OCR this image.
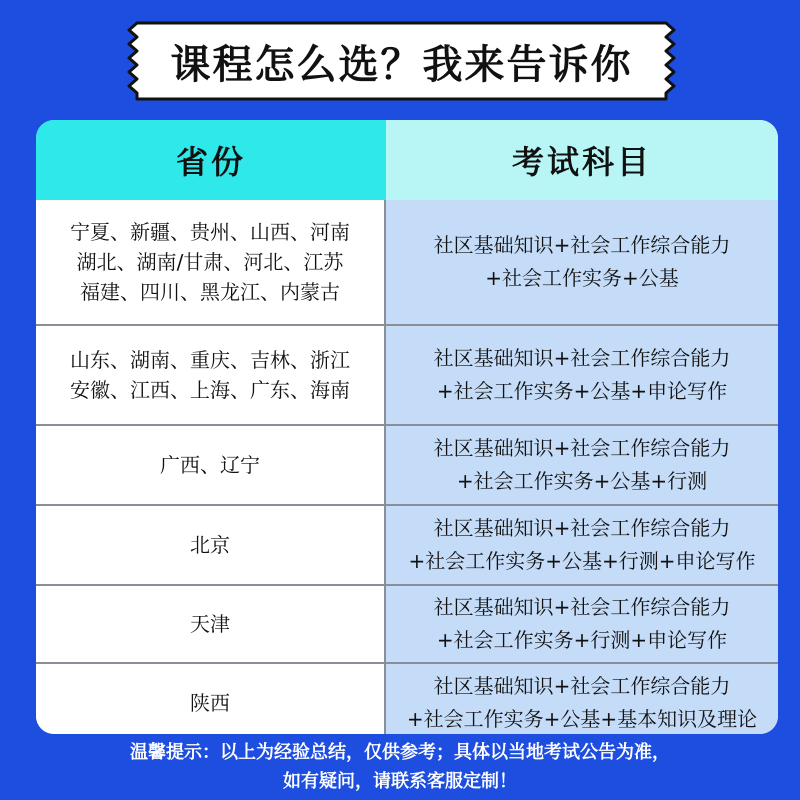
课程怎么选？我来告诉你
省份	考试科目
宁夏、新疆、贵州、山西、河南
湖北、湖南/甘肃、河北、江苏
福建、四川、黑龙江、内蒙古
社区基础知识+社会工作综合能力
+社会工作实务+公基
山东、湖南、重庆、吉林、浙江
安徽、江西、上海、广东、海南
社区基础知识+社会工作综合能力
+社会工作实务+公基+申论写作
广西、辽宁
社区基础知识+社会工作综合能力
+社会工作实务+公基+行测
北京
社区基础知识+社会工作综合能力
+社会工作实务+公基+行测+申论写作
天津
社区基础知识+社会工作综合能力
+社会工作实务+行测+申论写作
陕西
社区基础知识+社会工作综合能力
+社会工作实务+公基+基本知识及理论
温馨提示：以上为经验总结，仅供参考；具体以当地考试公告为准，
如有疑问，请联系客服定制！
